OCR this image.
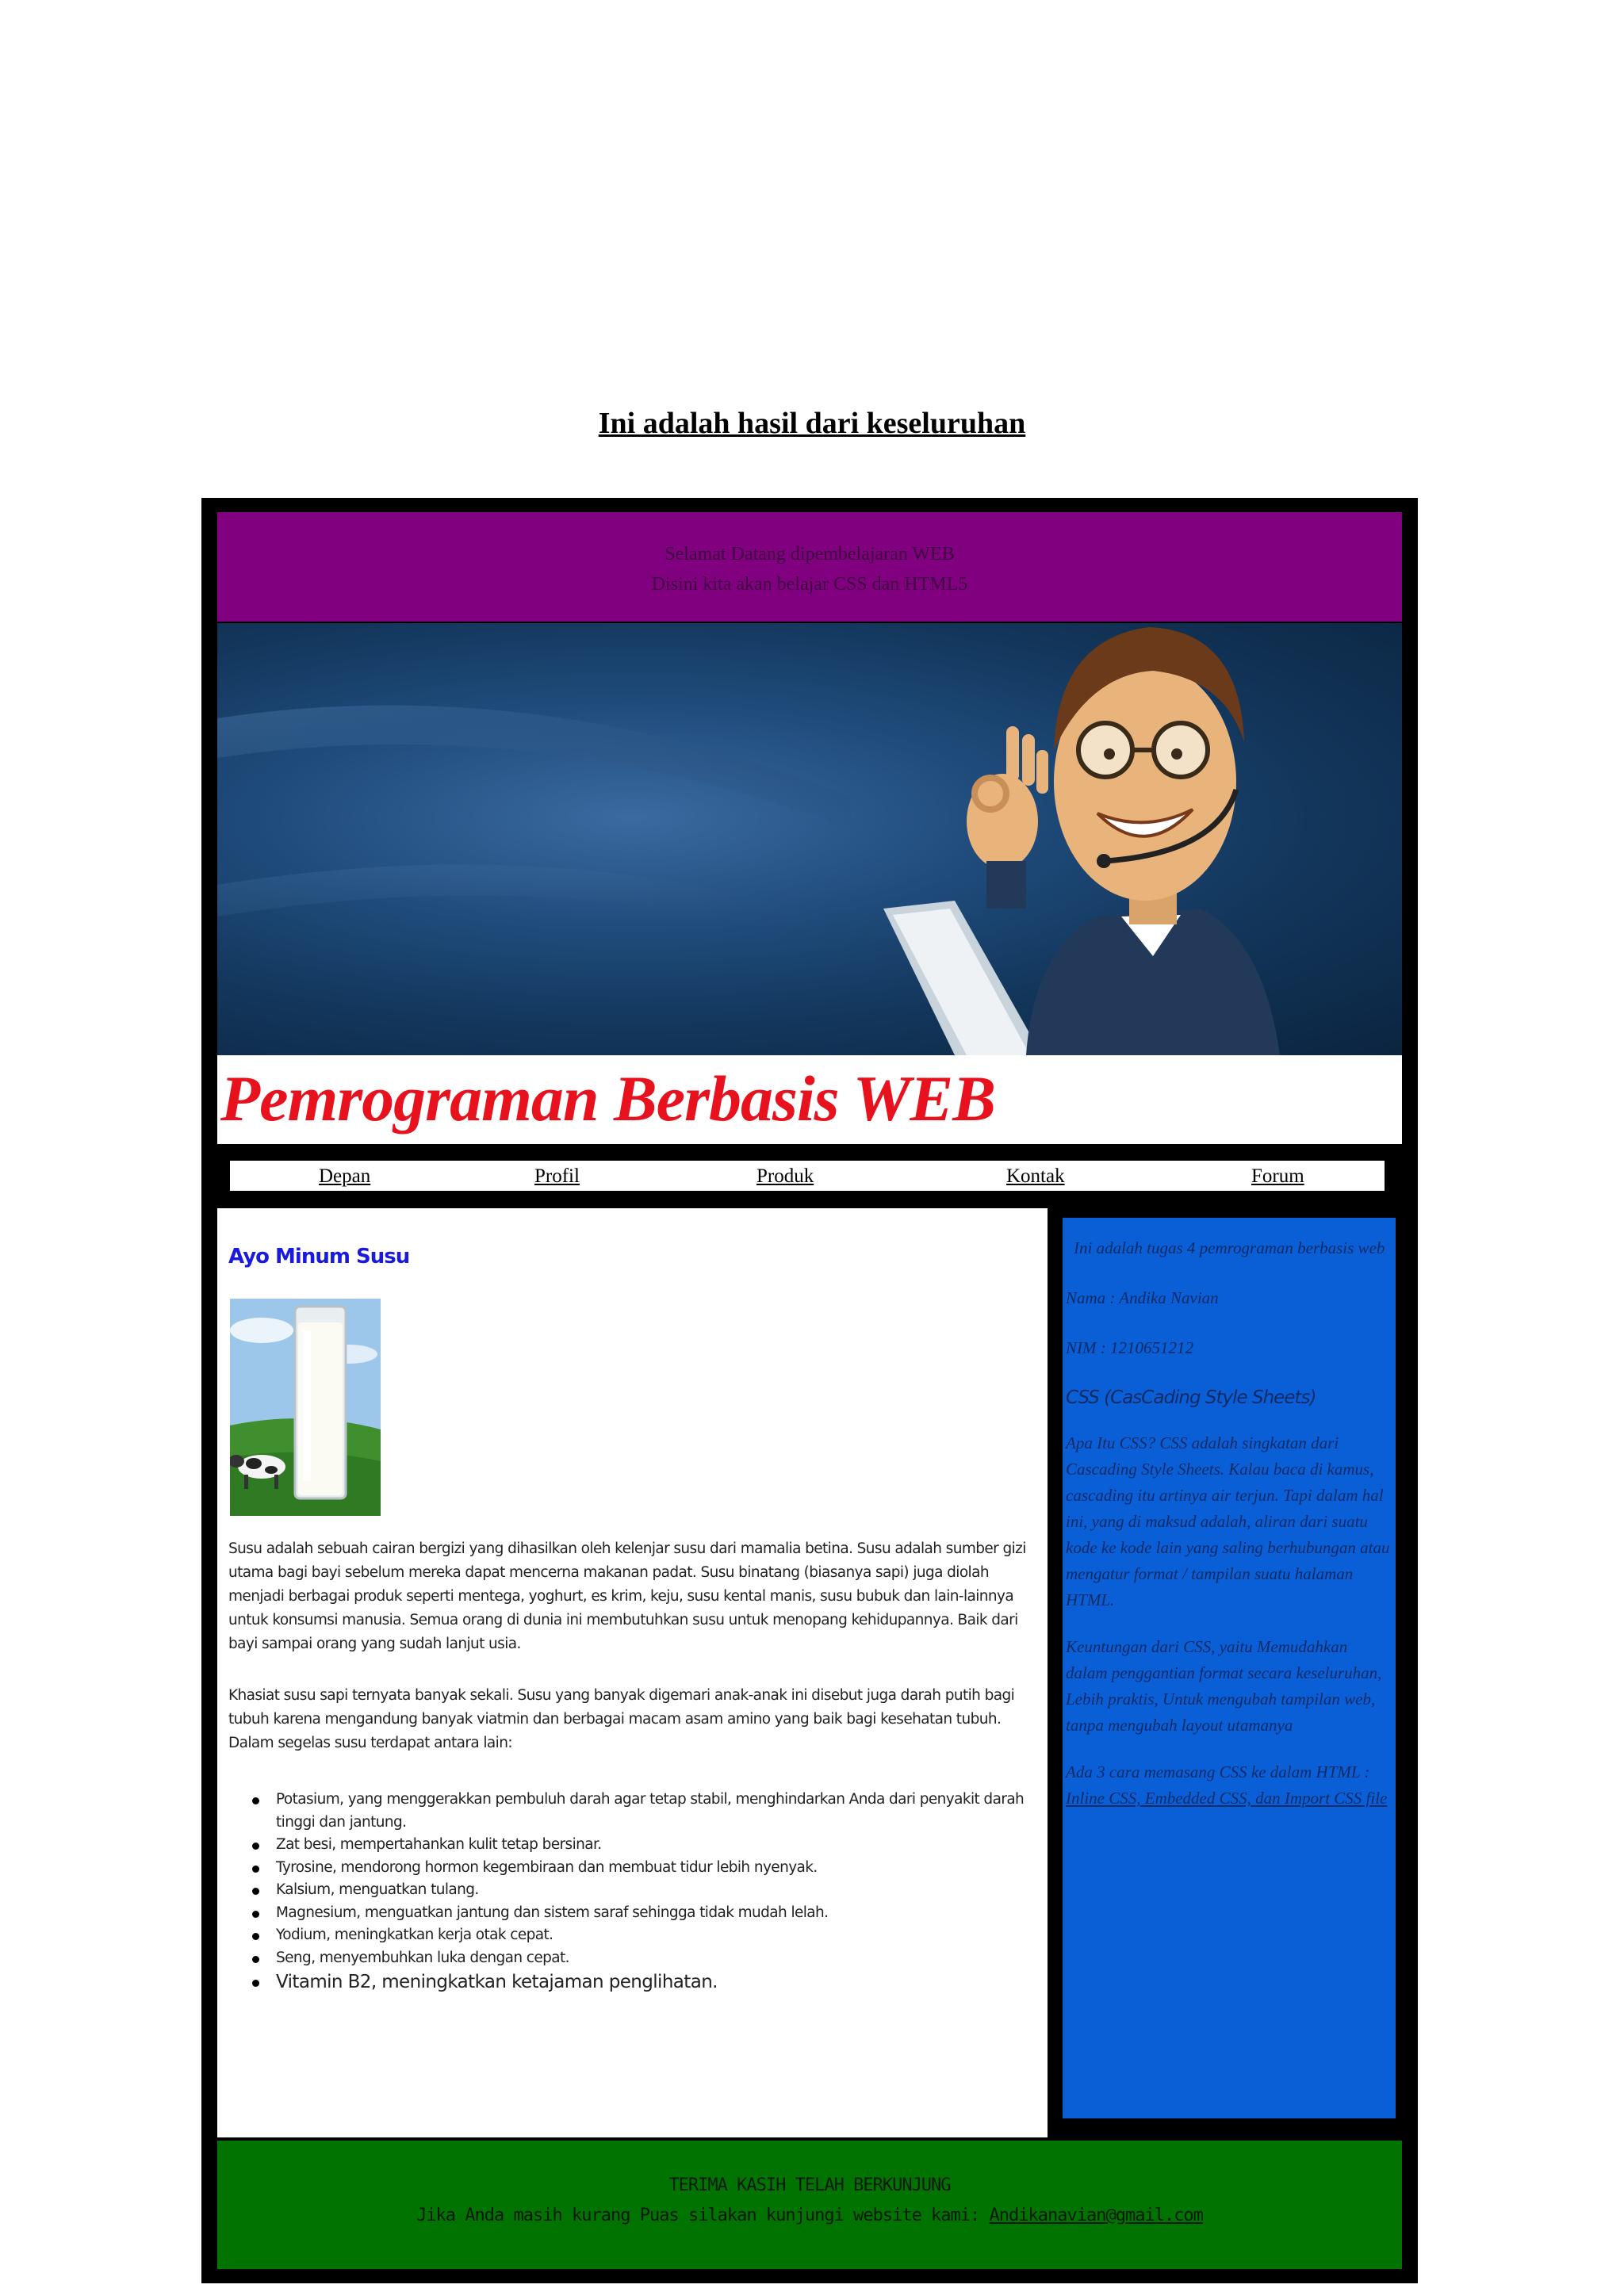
Ini adalah hasil dari keseluruhan
Selamat Datang dipembelajaran WEB
Disini kita akan belajar CSS dan HTML5
Pemrograman Berbasis WEB
Depan	Profil	Produk	Kontak	Forum
Ayo Minum Susu

Susu adalah sebuah cairan bergizi yang dihasilkan oleh kelenjar susu dari mamalia betina. Susu adalah sumber gizi utama bagi bayi sebelum mereka dapat mencerna makanan padat. Susu binatang (biasanya sapi) juga diolah menjadi berbagai produk seperti mentega, yoghurt, es krim, keju, susu kental manis, susu bubuk dan lain-lainnya untuk konsumsi manusia. Semua orang di dunia ini membutuhkan susu untuk menopang kehidupannya. Baik dari bayi sampai orang yang sudah lanjut usia.

Khasiat susu sapi ternyata banyak sekali. Susu yang banyak digemari anak-anak ini disebut juga darah putih bagi tubuh karena mengandung banyak viatmin dan berbagai macam asam amino yang baik bagi kesehatan tubuh. Dalam segelas susu terdapat antara lain:

Potasium, yang menggerakkan pembuluh darah agar tetap stabil, menghindarkan Anda dari penyakit darah tinggi dan jantung.
Zat besi, mempertahankan kulit tetap bersinar.
Tyrosine, mendorong hormon kegembiraan dan membuat tidur lebih nyenyak.
Kalsium, menguatkan tulang.
Magnesium, menguatkan jantung dan sistem saraf sehingga tidak mudah lelah.
Yodium, meningkatkan kerja otak cepat.
Seng, menyembuhkan luka dengan cepat.
Vitamin B2, meningkatkan ketajaman penglihatan.

Ini adalah tugas 4 pemrograman berbasis web

Nama : Andika Navian

NIM : 1210651212

CSS (CasCading Style Sheets)

Apa Itu CSS? CSS adalah singkatan dari Cascading Style Sheets. Kalau baca di kamus, cascading itu artinya air terjun. Tapi dalam hal ini, yang di maksud adalah, aliran dari suatu kode ke kode lain yang saling berhubungan atau mengatur format / tampilan suatu halaman HTML.

Keuntungan dari CSS, yaitu Memudahkan dalam penggantian format secara keseluruhan, Lebih praktis, Untuk mengubah tampilan web, tanpa mengubah layout utamanya

Ada 3 cara memasang CSS ke dalam HTML : Inline CSS, Embedded CSS, dan Import CSS file

TERIMA KASIH TELAH BERKUNJUNG
Jika Anda masih kurang Puas silakan kunjungi website kami: Andikanavian@gmail.com
